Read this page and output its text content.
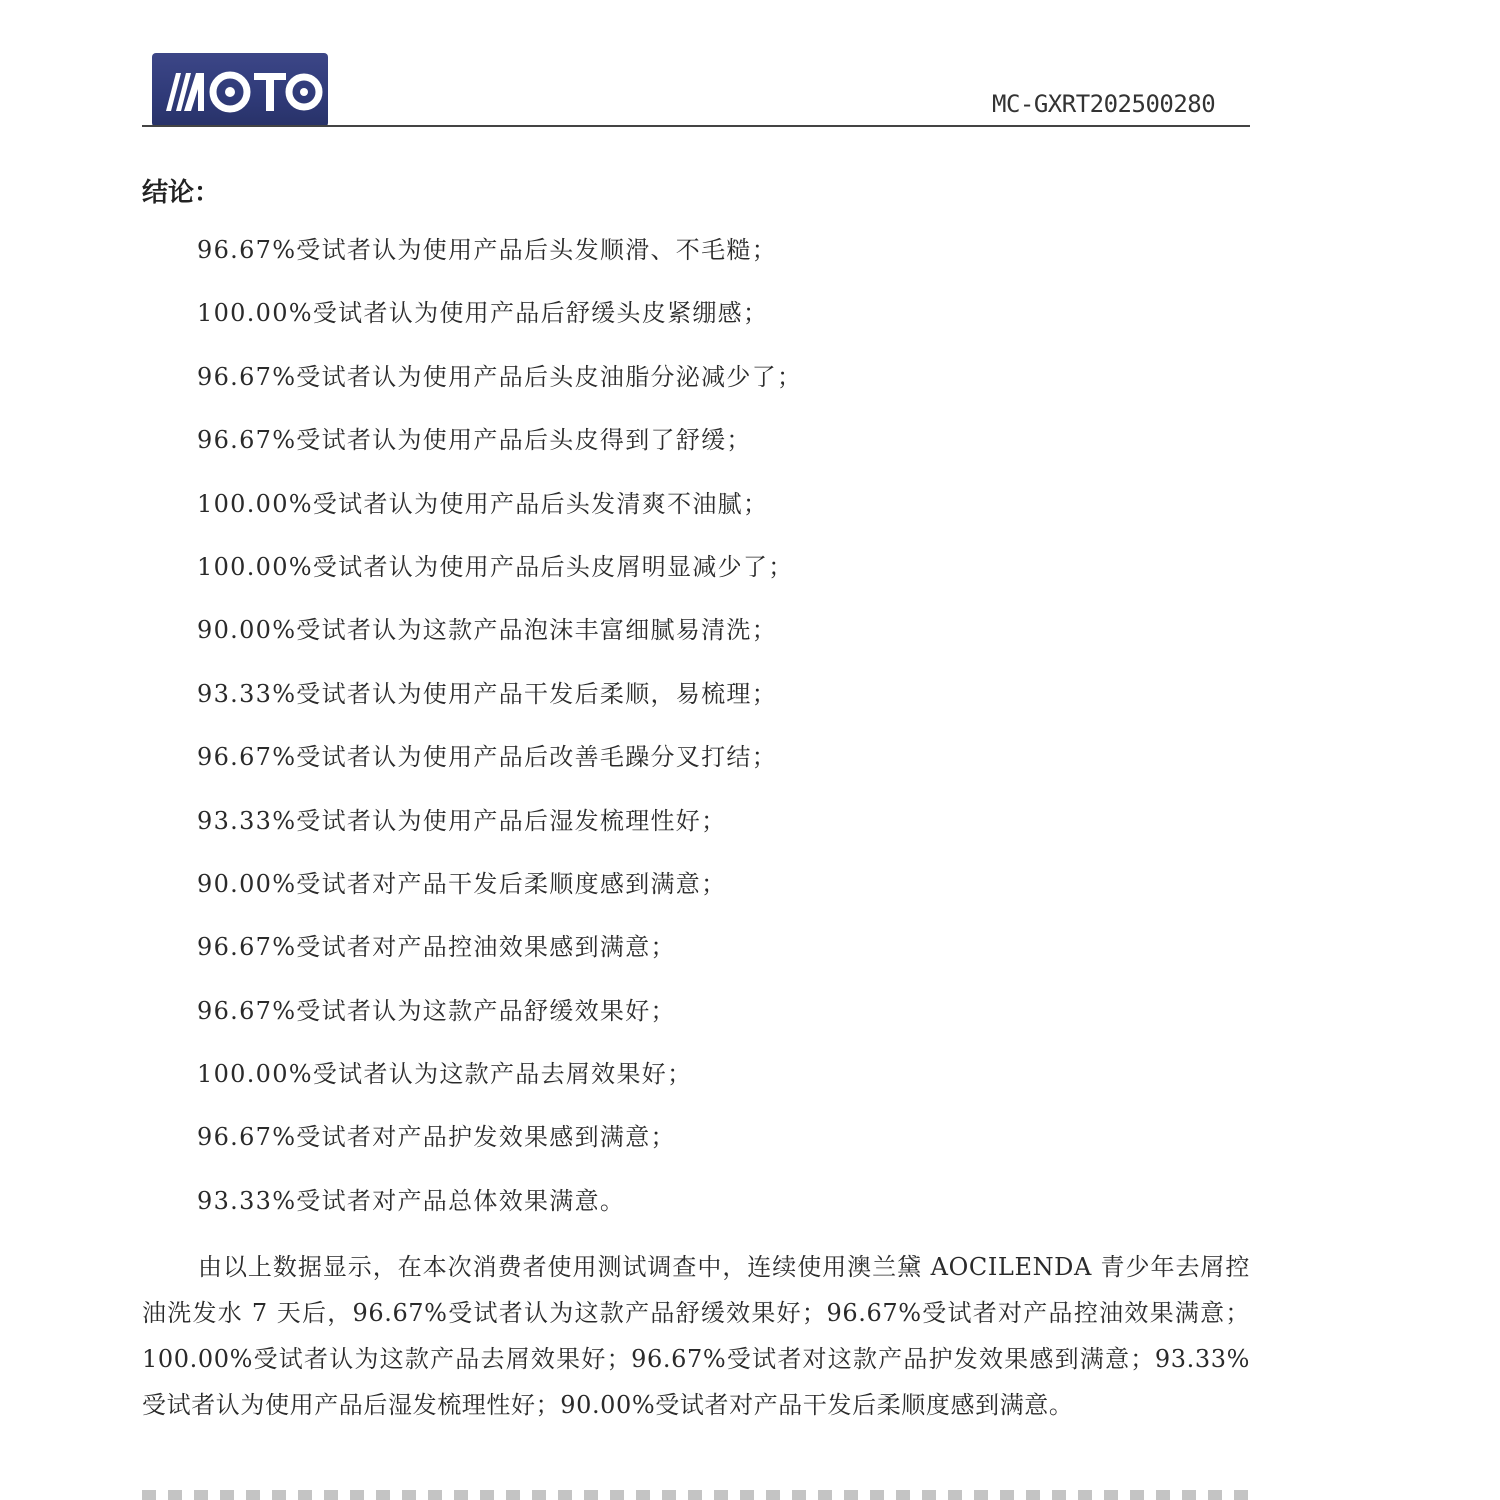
MC-GXRT202500280
结论：
96.67%受试者认为使用产品后头发顺滑、不毛糙；
100.00%受试者认为使用产品后舒缓头皮紧绷感；
96.67%受试者认为使用产品后头皮油脂分泌减少了；
96.67%受试者认为使用产品后头皮得到了舒缓；
100.00%受试者认为使用产品后头发清爽不油腻；
100.00%受试者认为使用产品后头皮屑明显减少了；
90.00%受试者认为这款产品泡沫丰富细腻易清洗；
93.33%受试者认为使用产品干发后柔顺，易梳理；
96.67%受试者认为使用产品后改善毛躁分叉打结；
93.33%受试者认为使用产品后湿发梳理性好；
90.00%受试者对产品干发后柔顺度感到满意；
96.67%受试者对产品控油效果感到满意；
96.67%受试者认为这款产品舒缓效果好；
100.00%受试者认为这款产品去屑效果好；
96.67%受试者对产品护发效果感到满意；
93.33%受试者对产品总体效果满意。

由以上数据显示，在本次消费者使用测试调查中，连续使用澳兰黛 AOCILENDA 青少年去屑控油洗发水 7 天后，96.67%受试者认为这款产品舒缓效果好；96.67%受试者对产品控油效果满意；100.00%受试者认为这款产品去屑效果好；96.67%受试者对这款产品护发效果感到满意；93.33%受试者认为使用产品后湿发梳理性好；90.00%受试者对产品干发后柔顺度感到满意。
